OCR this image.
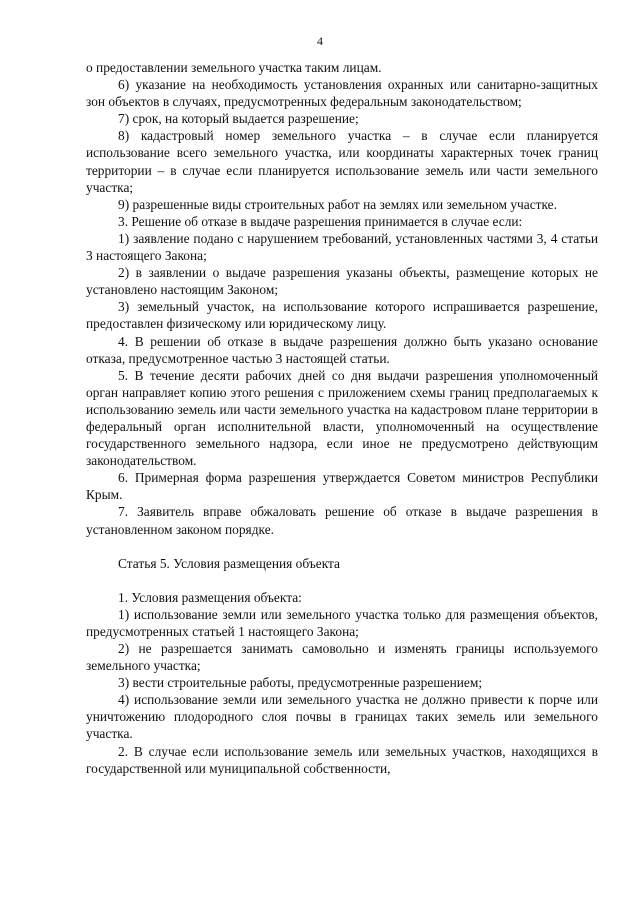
4

о предоставлении земельного участка таким лицам.

6) указание на необходимость установления охранных или санитарно-защитных зон объектов в случаях, предусмотренных федеральным законодательством;

7) срок, на который выдается разрешение;

8) кадастровый номер земельного участка – в случае если планируется использование всего земельного участка, или координаты характерных точек границ территории – в случае если планируется использование земель или части земельного участка;

9) разрешенные виды строительных работ на землях или земельном участке.

3. Решение об отказе в выдаче разрешения принимается в случае если:

1) заявление подано с нарушением требований, установленных частями 3, 4 статьи 3 настоящего Закона;

2) в заявлении о выдаче разрешения указаны объекты, размещение которых не установлено настоящим Законом;

3) земельный участок, на использование которого испрашивается разрешение, предоставлен физическому или юридическому лицу.

4. В решении об отказе в выдаче разрешения должно быть указано основание отказа, предусмотренное частью 3 настоящей статьи.

5. В течение десяти рабочих дней со дня выдачи разрешения уполномоченный орган направляет копию этого решения с приложением схемы границ предполагаемых к использованию земель или части земельного участка на кадастровом плане территории в федеральный орган исполнительной власти, уполномоченный на осуществление государственного земельного надзора, если иное не предусмотрено действующим законодательством.

6. Примерная форма разрешения утверждается Советом министров Республики Крым.

7. Заявитель вправе обжаловать решение об отказе в выдаче разрешения в установленном законом порядке.

Статья 5. Условия размещения объекта

1. Условия размещения объекта:

1) использование земли или земельного участка только для размещения объектов, предусмотренных статьей 1 настоящего Закона;

2) не разрешается занимать самовольно и изменять границы используемого земельного участка;

3) вести строительные работы, предусмотренные разрешением;

4) использование земли или земельного участка не должно привести к порче или уничтожению плодородного слоя почвы в границах таких земель или земельного участка.

2. В случае если использование земель или земельных участков, находящихся в государственной или муниципальной собственности,
